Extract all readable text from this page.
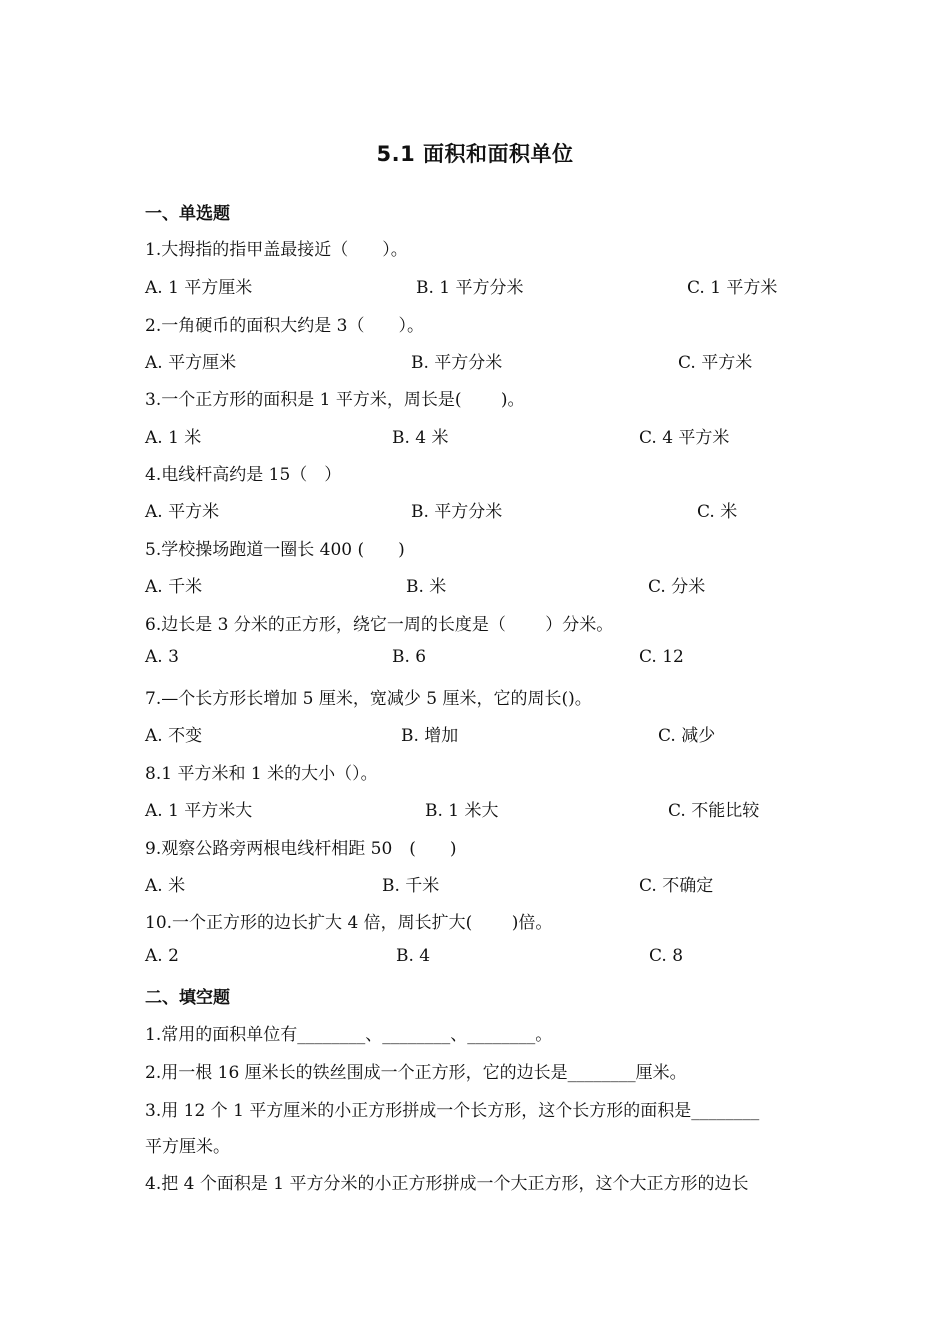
5.1 面积和面积单位
一、单选题
1.大拇指的指甲盖最接近（　　）。
A. 1 平方厘米	B. 1 平方分米	C. 1 平方米
2.一角硬币的面积大约是 3（　　）。
A. 平方厘米	B. 平方分米	C. 平方米
3.一个正方形的面积是 1 平方米，周长是(　　 )。
A. 1 米	B. 4 米	C. 4 平方米
4.电线杆高约是 15（　）
A. 平方米	B. 平方分米	C. 米
5.学校操场跑道一圈长 400 (　　)
A. 千米	B. 米	C. 分米
6.边长是 3 分米的正方形，绕它一周的长度是（　　 ）分米。
A. 3	B. 6	C. 12
7.—个长方形长增加 5 厘米，宽减少 5 厘米，它的周长()。
A. 不变	B. 增加	C. 减少
8.1 平方米和 1 米的大小（）。
A. 1 平方米大	B. 1 米大	C. 不能比较
9.观察公路旁两根电线杆相距 50　(　　)
A. 米	B. 千米	C. 不确定
10.一个正方形的边长扩大 4 倍，周长扩大(　　 )倍。
A. 2	B. 4	C. 8
二、填空题
1.常用的面积单位有________、________、________。
2.用一根 16 厘米长的铁丝围成一个正方形，它的边长是________厘米。
3.用 12 个 1 平方厘米的小正方形拼成一个长方形，这个长方形的面积是________
平方厘米。
4.把 4 个面积是 1 平方分米的小正方形拼成一个大正方形，这个大正方形的边长
